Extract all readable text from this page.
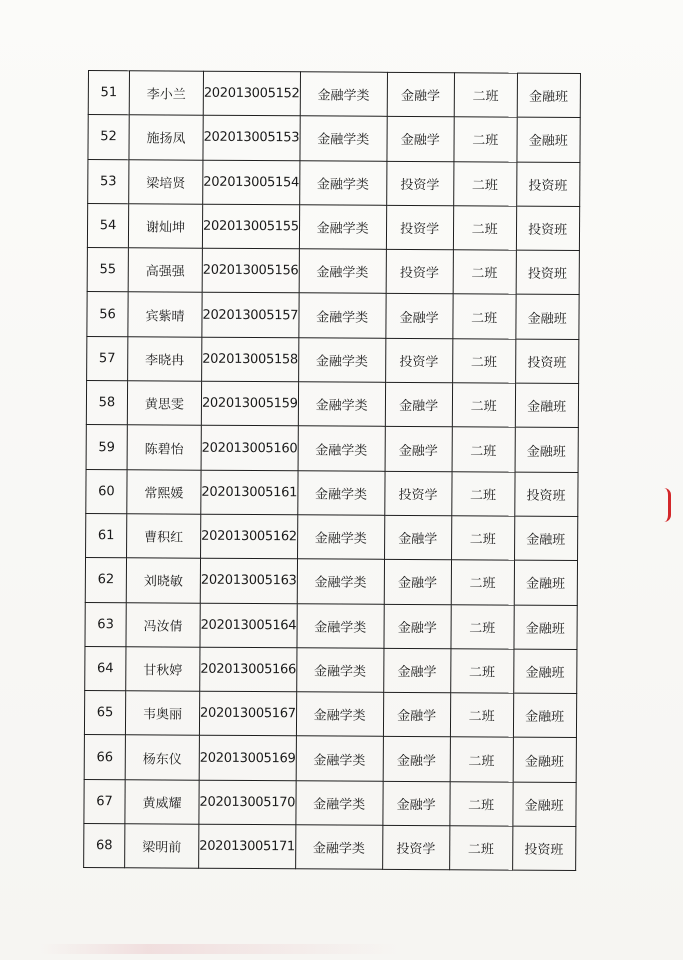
51	李小兰	202013005152	金融学类	金融学	二班	金融班
52	施扬凤	202013005153	金融学类	金融学	二班	金融班
53	梁培贤	202013005154	金融学类	投资学	二班	投资班
54	谢灿坤	202013005155	金融学类	投资学	二班	投资班
55	高强强	202013005156	金融学类	投资学	二班	投资班
56	宾紫晴	202013005157	金融学类	金融学	二班	金融班
57	李晓冉	202013005158	金融学类	投资学	二班	投资班
58	黄思雯	202013005159	金融学类	金融学	二班	金融班
59	陈碧怡	202013005160	金融学类	金融学	二班	金融班
60	常熙媛	202013005161	金融学类	投资学	二班	投资班
61	曹积红	202013005162	金融学类	金融学	二班	金融班
62	刘晓敏	202013005163	金融学类	金融学	二班	金融班
63	冯汝倩	202013005164	金融学类	金融学	二班	金融班
64	甘秋婷	202013005166	金融学类	金融学	二班	金融班
65	韦奥丽	202013005167	金融学类	金融学	二班	金融班
66	杨东仪	202013005169	金融学类	金融学	二班	金融班
67	黄威耀	202013005170	金融学类	金融学	二班	金融班
68	梁明前	202013005171	金融学类	投资学	二班	投资班
